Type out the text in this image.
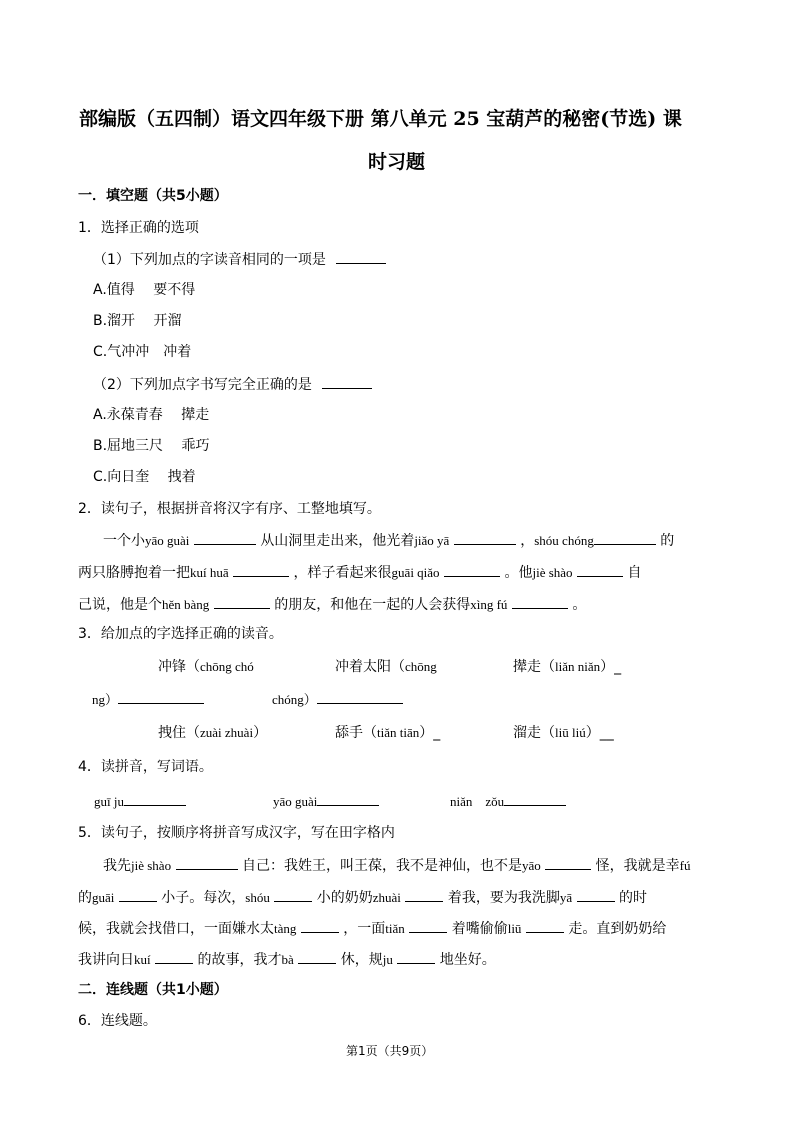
部编版（五四制）语文四年级下册 第八单元 25 宝葫芦的秘密(节选) 课
时习题
一．填空题（共5小题）
1．选择正确的选项
（1）下列加点的字读音相同的一项是
A.值得　 要不得
B.溜开　 开溜
C.气冲冲　冲着
（2）下列加点字书写完全正确的是
A.永葆青春　 撵走
B.屈地三尺　 乖巧
C.向日奎　 拽着
2．读句子，根据拼音将汉字有序、工整地填写。
一个小yāo guài	从山洞里走出来，他光着jiǎo yā	，shóu chóng	的
两只胳膊抱着一把kuí huā	，样子看起来很guāi qiǎo	。他jiè shào	自
己说，他是个hěn bàng	的朋友，和他在一起的人会获得xìng fú	。
3．给加点的字选择正确的读音。
冲锋（chōng chó	冲着太阳（chōng	撵走（liǎn niǎn）_
ng）	chóng）
拽住（zuài zhuài）	舔手（tiǎn tiān）_	溜走（liū liú）__
4．读拼音，写词语。
guī ju	yāo guài	niǎn　zǒu
5．读句子，按顺序将拼音写成汉字，写在田字格内
我先jiè shào	自己：我姓王，叫王葆，我不是神仙，也不是yāo	怪，我就是幸fú
的guāi	小子。每次，shóu	小的奶奶zhuài	着我，要为我洗脚yā	的时
候，我就会找借口，一面嫌水太tàng	，一面tiǎn	着嘴偷偷liū	走。直到奶奶给
我讲向日kuí	的故事，我才bà	休，规ju	地坐好。
二．连线题（共1小题）
6．连线题。
第1页（共9页）
